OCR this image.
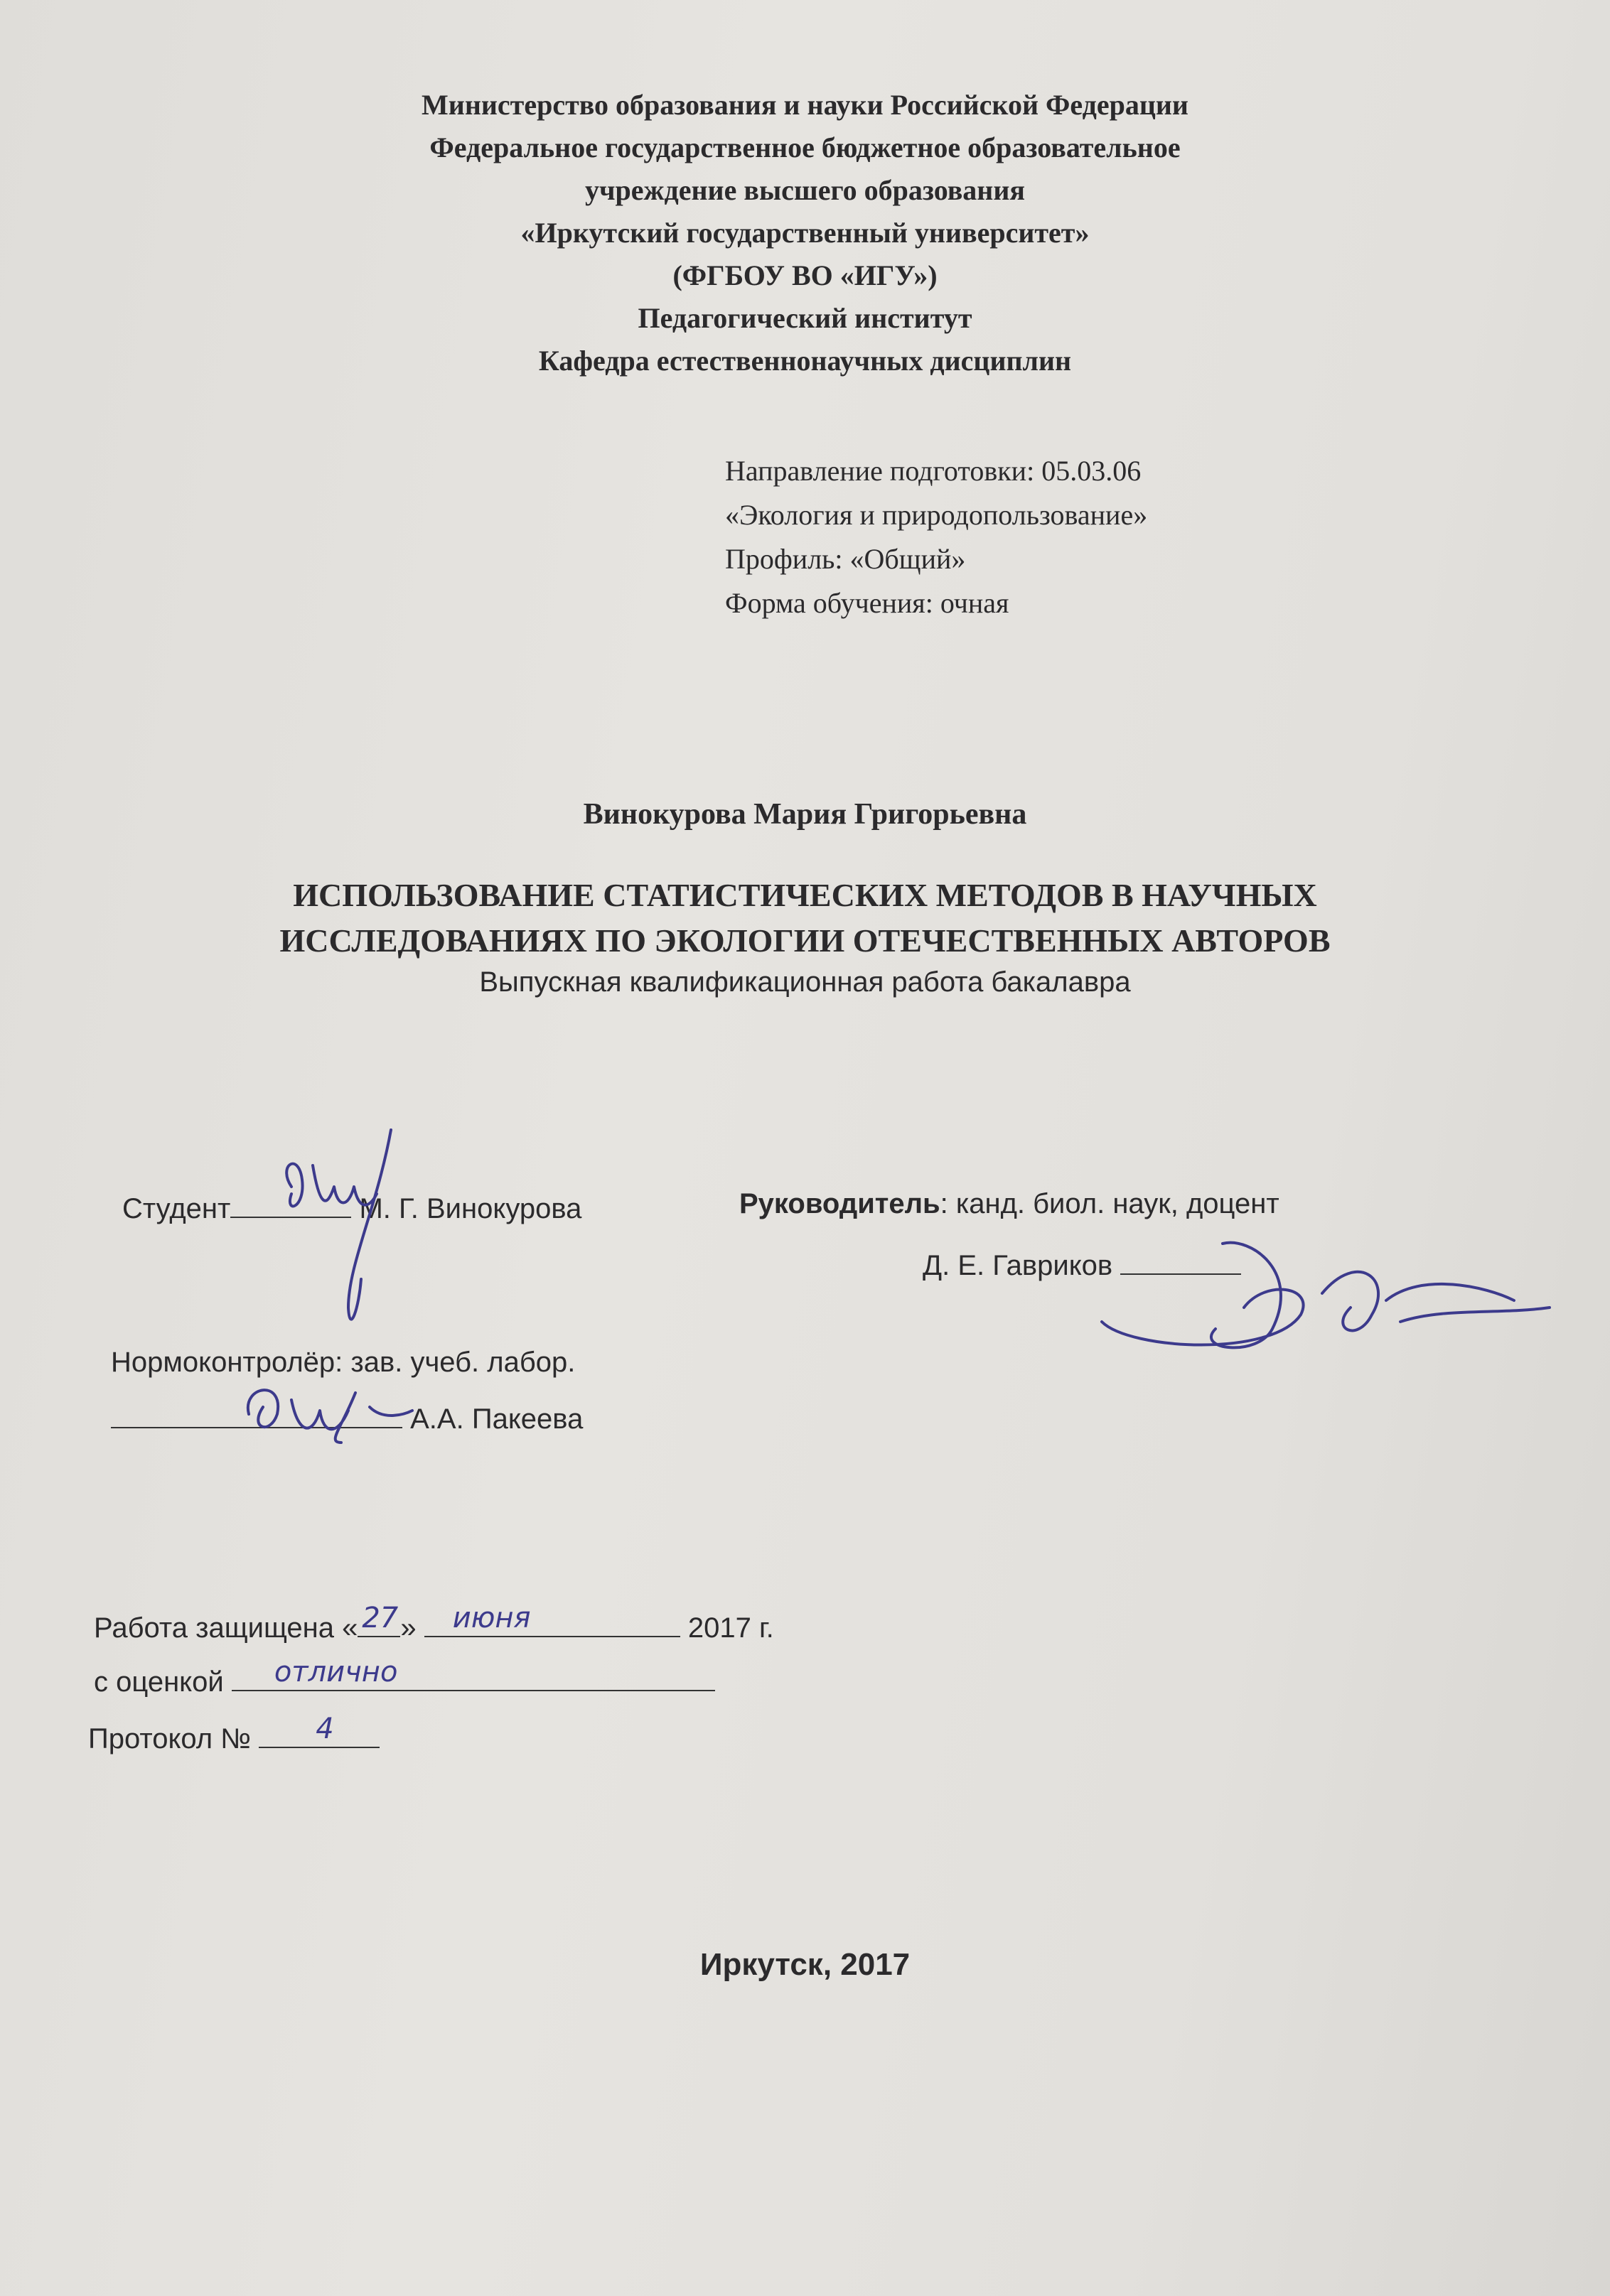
Министерство образования и науки Российской Федерации
Федеральное государственное бюджетное образовательное
учреждение высшего образования
«Иркутский государственный университет»
(ФГБОУ ВО «ИГУ»)
Педагогический институт
Кафедра естественнонаучных дисциплин
Направление подготовки: 05.03.06
«Экология и природопользование»
Профиль: «Общий»
Форма обучения: очная
Винокурова Мария Григорьевна
ИСПОЛЬЗОВАНИЕ СТАТИСТИЧЕСКИХ МЕТОДОВ В НАУЧНЫХ
ИССЛЕДОВАНИЯХ ПО ЭКОЛОГИИ ОТЕЧЕСТВЕННЫХ АВТОРОВ
Выпускная квалификационная работа бакалавра
Студент	М. Г. Винокурова	Руководитель: канд. биол. наук, доцент
Д. Е. Гавриков
Нормоконтролёр: зав. учеб. лабор.
А.А. Пакеева
Работа защищена « 27 » июня	2017 г.
с оценкой отлично
Протокол № 4
Иркутск, 2017
